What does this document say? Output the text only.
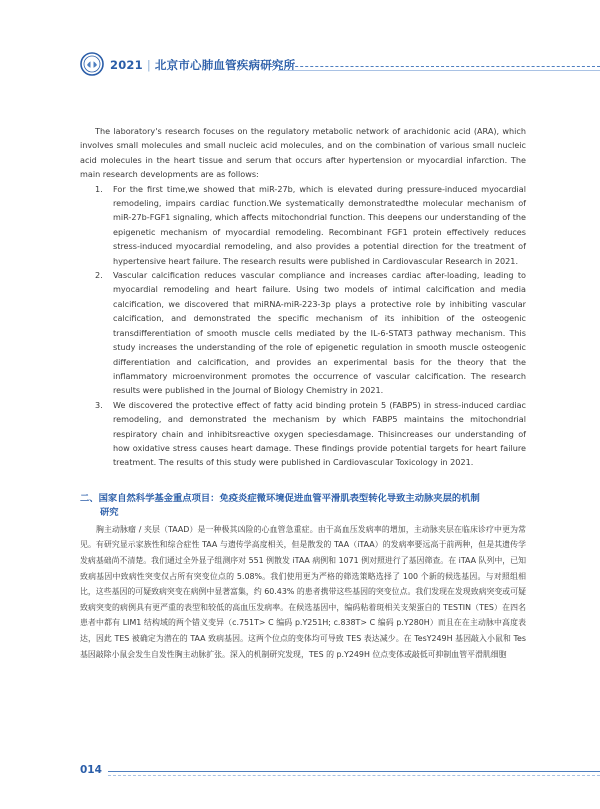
2021 | 北京市心肺血管疾病研究所

The laboratory's research focuses on the regulatory metabolic network of arachidonic acid (ARA), which involves small molecules and small nucleic acid molecules, and on the combination of various small nucleic acid molecules in the heart tissue and serum that occurs after hypertension or myocardial infarction. The main research developments are as follows:

1. For the first time,we showed that miR-27b, which is elevated during pressure-induced myocardial remodeling, impairs cardiac function.We systematically demonstratedthe molecular mechanism of miR-27b-FGF1 signaling, which affects mitochondrial function. This deepens our understanding of the epigenetic mechanism of myocardial remodeling. Recombinant FGF1 protein effectively reduces stress-induced myocardial remodeling, and also provides a potential direction for the treatment of hypertensive heart failure. The research results were published in Cardiovascular Research in 2021.
2. Vascular calcification reduces vascular compliance and increases cardiac after-loading, leading to myocardial remodeling and heart failure. Using two models of intimal calcification and media calcification, we discovered that miRNA-miR-223-3p plays a protective role by inhibiting vascular calcification, and demonstrated the specific mechanism of its inhibition of the osteogenic transdifferentiation of smooth muscle cells mediated by the IL-6-STAT3 pathway mechanism. This study increases the understanding of the role of epigenetic regulation in smooth muscle osteogenic differentiation and calcification, and provides an experimental basis for the theory that the inflammatory microenvironment promotes the occurrence of vascular calcification. The research results were published in the Journal of Biology Chemistry in 2021.
3. We discovered the protective effect of fatty acid binding protein 5 (FABP5) in stress-induced cardiac remodeling, and demonstrated the mechanism by which FABP5 maintains the mitochondrial respiratory chain and inhibitsreactive oxygen speciesdamage. Thisincreases our understanding of how oxidative stress causes heart damage. These findings provide potential targets for heart failure treatment. The results of this study were published in Cardiovascular Toxicology in 2021.
二、国家自然科学基金重点项目：免疫炎症微环境促进血管平滑肌表型转化导致主动脉夹层的机制
研究

胸主动脉瘤 / 夹层（TAAD）是一种极其凶险的心血管急重症。由于高血压发病率的增加，主动脉夹层在临床诊疗中更为常见。有研究显示家族性和综合症性 TAA 与遗传学高度相关，但是散发的 TAA（iTAA）的发病率要远高于前两种，但是其遗传学发病基础尚不清楚。我们通过全外显子组测序对 551 例散发 iTAA 病例和 1071 例对照进行了基因筛查。在 iTAA 队列中，已知致病基因中致病性突变仅占所有突变位点的 5.08%。我们使用更为严格的筛选策略选择了 100 个新的候选基因。与对照组相比，这些基因的可疑致病突变在病例中显著富集，约 60.43% 的患者携带这些基因的突变位点。我们发现在发现致病突变或可疑致病突变的病例具有更严重的表型和较低的高血压发病率。在候选基因中，编码粘着斑相关支架蛋白的 TESTIN（TES）在四名患者中都有 LIM1 结构域的两个错义变异（c.751T> C 编码 p.Y251H; c.838T> C 编码 p.Y280H）而且在在主动脉中高度表达，因此 TES 被确定为潜在的 TAA 致病基因。这两个位点的变体均可导致 TES 表达减少。在 TesY249H 基因敲入小鼠和 Tes 基因敲除小鼠会发生自发性胸主动脉扩张。深入的机制研究发现，TES 的 p.Y249H 位点变体或敲低可抑制血管平滑肌细胞

014
